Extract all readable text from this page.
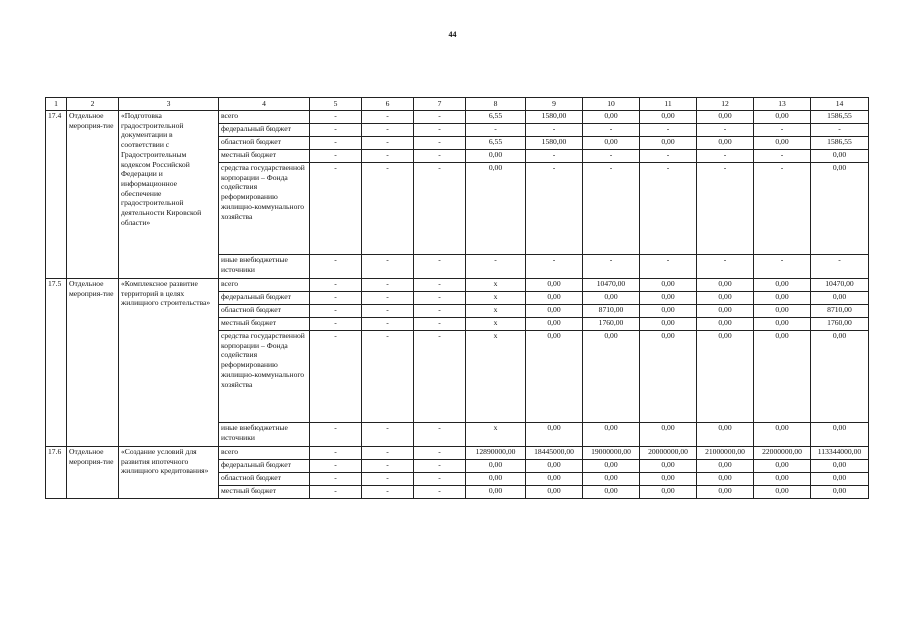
44
1	2	3	4	5	6	7	8	9	10	11	12	13	14
17.4	Отдельное мероприя-тие	«Подготовка градостроительной документации в соответствии с Градостроительным кодексом Российской Федерации и информационное обеспечение градостроительной деятельности Кировской области»	всего	-	-	-	6,55	1580,00	0,00	0,00	0,00	0,00	1586,55
			федеральный бюджет	-	-	-	-	-	-	-	-	-	-
			областной бюджет	-	-	-	6,55	1580,00	0,00	0,00	0,00	0,00	1586,55
			местный бюджет	-	-	-	0,00	-	-	-	-	-	0,00
			средства государственной корпорации – Фонда содействия реформированию жилищно-коммунального хозяйства	-	-	-	0,00	-	-	-	-	-	0,00
			иные внебюджетные источники	-	-	-	-	-	-	-	-	-	-
17.5	Отдельное мероприя-тие	«Комплексное развитие территорий в целях жилищного строительства»	всего	-	-	-	x	0,00	10470,00	0,00	0,00	0,00	10470,00
			федеральный бюджет	-	-	-	x	0,00	0,00	0,00	0,00	0,00	0,00
			областной бюджет	-	-	-	x	0,00	8710,00	0,00	0,00	0,00	8710,00
			местный бюджет	-	-	-	x	0,00	1760,00	0,00	0,00	0,00	1760,00
			средства государственной корпорации – Фонда содействия реформированию жилищно-коммунального хозяйства	-	-	-	x	0,00	0,00	0,00	0,00	0,00	0,00
			иные внебюджетные источники	-	-	-	x	0,00	0,00	0,00	0,00	0,00	0,00
17.6	Отдельное мероприя-тие	«Создание условий для развития ипотечного жилищного кредитования»	всего	-	-	-	12890000,00	18445000,00	19000000,00	20000000,00	21000000,00	22000000,00	113344000,00
			федеральный бюджет	-	-	-	0,00	0,00	0,00	0,00	0,00	0,00	0,00
			областной бюджет	-	-	-	0,00	0,00	0,00	0,00	0,00	0,00	0,00
			местный бюджет	-	-	-	0,00	0,00	0,00	0,00	0,00	0,00	0,00
